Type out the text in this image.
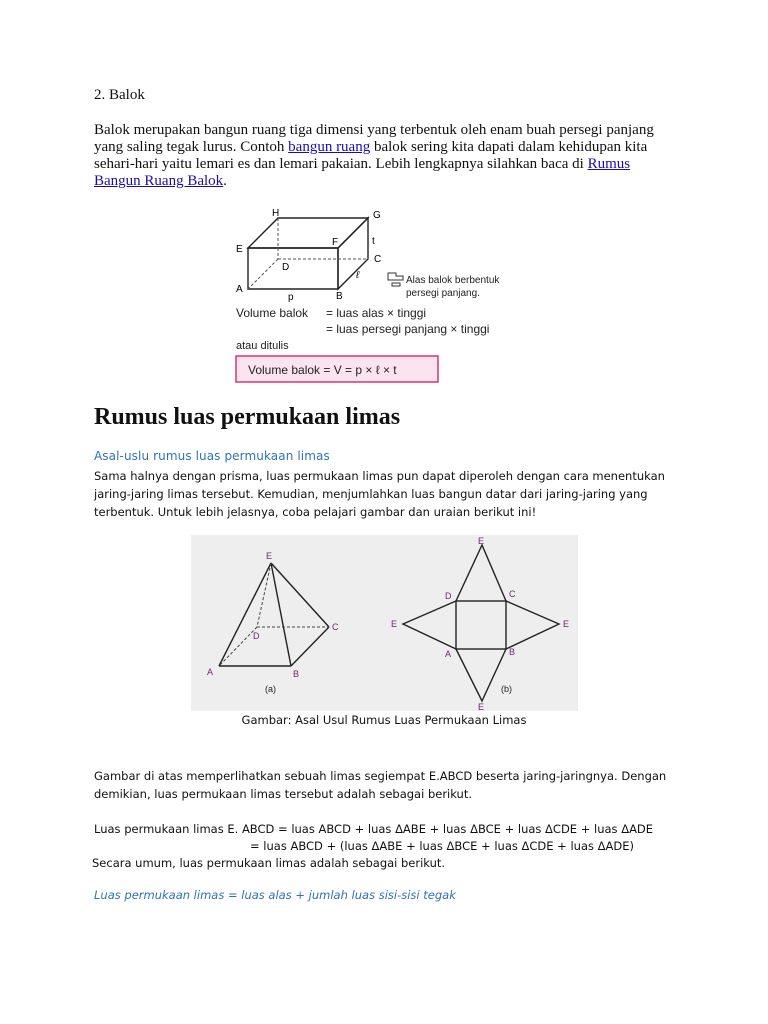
2. Balok
Balok merupakan bangun ruang tiga dimensi yang terbentuk oleh enam buah persegi panjang yang saling tegak lurus. Contoh bangun ruang balok sering kita dapati dalam kehidupan kita sehari-hari yaitu lemari es dan lemari pakaian. Lebih lengkapnya silahkan baca di Rumus Bangun Ruang Balok.
H	G
E
F
D
C
A
B
t
ℓ
p
Alas balok berbentuk
persegi panjang.
Volume balok = luas alas × tinggi
= luas persegi panjang × tinggi
atau ditulis
Volume balok = V = p × ℓ × t
Rumus luas permukaan limas
Asal-uslu rumus luas permukaan limas
Sama halnya dengan prisma, luas permukaan limas pun dapat diperoleh dengan cara menentukan jaring-jaring limas tersebut. Kemudian, menjumlahkan luas bangun datar dari jaring-jaring yang terbentuk. Untuk lebih jelasnya, coba pelajari gambar dan uraian berikut ini!
E
D
C
A	B
(a)
E
E	E
E
D	C
A	B
(b)
Gambar: Asal Usul Rumus Luas Permukaan Limas
Gambar di atas memperlihatkan sebuah limas segiempat E.ABCD beserta jaring-jaringnya. Dengan demikian, luas permukaan limas tersebut adalah sebagai berikut.
Luas permukaan limas E. ABCD = luas ABCD + luas ΔABE + luas ΔBCE + luas ΔCDE + luas ΔADE
= luas ABCD + (luas ΔABE + luas ΔBCE + luas ΔCDE + luas ΔADE)
Secara umum, luas permukaan limas adalah sebagai berikut.
Luas permukaan limas = luas alas + jumlah luas sisi-sisi tegak
